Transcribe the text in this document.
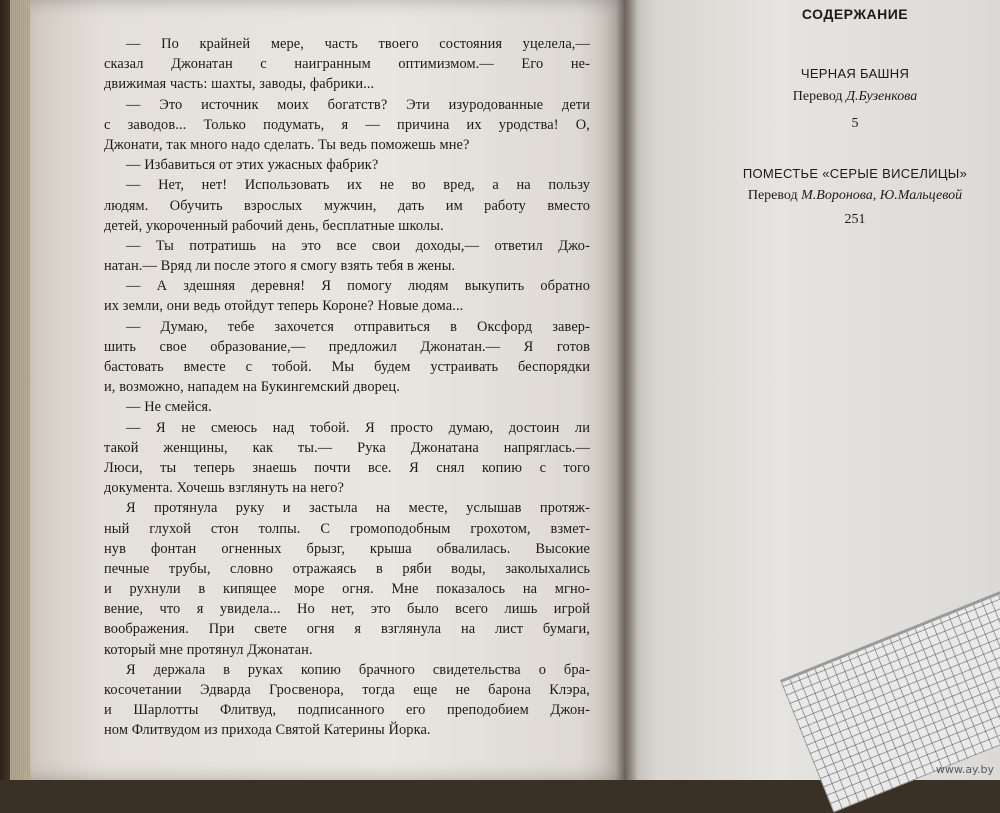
— По крайней мере, часть твоего состояния уцелела,—
сказал Джонатан с наигранным оптимизмом.— Его не-
движимая часть: шахты, заводы, фабрики...
— Это источник моих богатств? Эти изуродованные дети
с заводов... Только подумать, я — причина их уродства! О,
Джонати, так много надо сделать. Ты ведь поможешь мне?
— Избавиться от этих ужасных фабрик?
— Нет, нет! Использовать их не во вред, а на пользу
людям. Обучить взрослых мужчин, дать им работу вместо
детей, укороченный рабочий день, бесплатные школы.
— Ты потратишь на это все свои доходы,— ответил Джо-
натан.— Вряд ли после этого я смогу взять тебя в жены.
— А здешняя деревня! Я помогу людям выкупить обратно
их земли, они ведь отойдут теперь Короне? Новые дома...
— Думаю, тебе захочется отправиться в Оксфорд завер-
шить свое образование,— предложил Джонатан.— Я готов
бастовать вместе с тобой. Мы будем устраивать беспорядки
и, возможно, нападем на Букингемский дворец.
— Не смейся.
— Я не смеюсь над тобой. Я просто думаю, достоин ли
такой женщины, как ты.— Рука Джонатана напряглась.—
Люси, ты теперь знаешь почти все. Я снял копию с того
документа. Хочешь взглянуть на него?
Я протянула руку и застыла на месте, услышав протяж-
ный глухой стон толпы. С громоподобным грохотом, взмет-
нув фонтан огненных брызг, крыша обвалилась. Высокие
печные трубы, словно отражаясь в ряби воды, заколыхались
и рухнули в кипящее море огня. Мне показалось на мгно-
вение, что я увидела... Но нет, это было всего лишь игрой
воображения. При свете огня я взглянула на лист бумаги,
который мне протянул Джонатан.
Я держала в руках копию брачного свидетельства о бра-
косочетании Эдварда Гросвенора, тогда еще не барона Клэра,
и Шарлотты Флитвуд, подписанного его преподобием Джон-
ном Флитвудом из прихода Святой Катерины Йорка.
СОДЕРЖАНИЕ
ЧЕРНАЯ БАШНЯ
Перевод Д.Бузенкова
5
ПОМЕСТЬЕ «СЕРЫЕ ВИСЕЛИЦЫ»
Перевод М.Воронова, Ю.Мальцевой
251
www.ay.by
